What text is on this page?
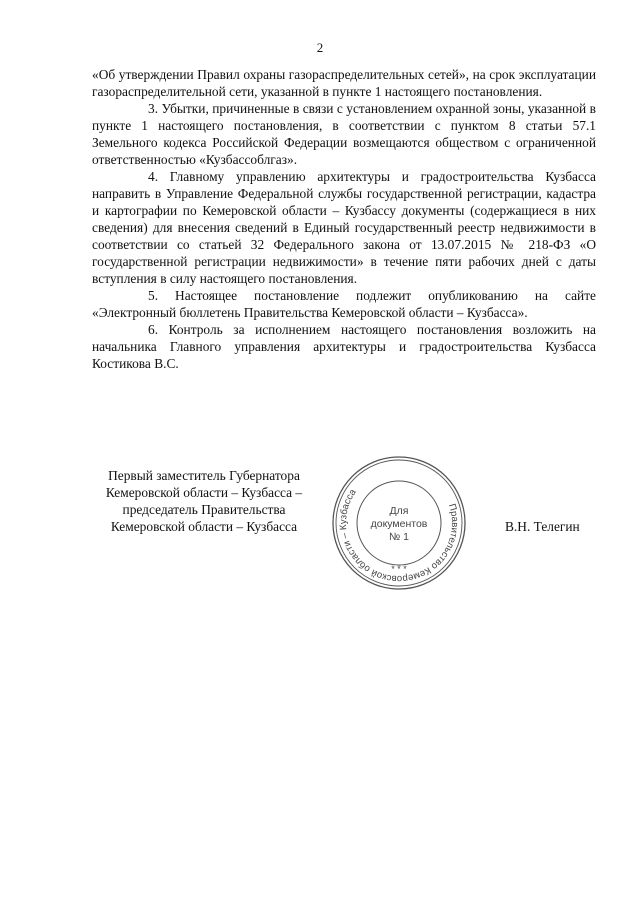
2

«Об утверждении Правил охраны газораспределительных сетей», на срок эксплуатации газораспределительной сети, указанной в пункте 1 настоящего постановления.

3. Убытки, причиненные в связи с установлением охранной зоны, указанной в пункте 1 настоящего постановления, в соответствии с пунктом 8 статьи 57.1 Земельного кодекса Российской Федерации возмещаются обществом с ограниченной ответственностью «Кузбассоблгаз».

4. Главному управлению архитектуры и градостроительства Кузбасса направить в Управление Федеральной службы государственной регистрации, кадастра и картографии по Кемеровской области – Кузбассу документы (содержащиеся в них сведения) для внесения сведений в Единый государственный реестр недвижимости в соответствии со статьей 32 Федерального закона от 13.07.2015 № 218-ФЗ «О государственной регистрации недвижимости» в течение пяти рабочих дней с даты вступления в силу настоящего постановления.

5. Настоящее постановление подлежит опубликованию на сайте «Электронный бюллетень Правительства Кемеровской области – Кузбасса».

6. Контроль за исполнением настоящего постановления возложить на начальника Главного управления архитектуры и градостроительства Кузбасса Костикова В.С.

Первый заместитель Губернатора
Кемеровской области – Кузбасса –
председатель Правительства
Кемеровской области – Кузбасса
Правительство Кемеровской области – Кузбасса
* * *
Для
документов
№ 1
В.Н. Телегин
